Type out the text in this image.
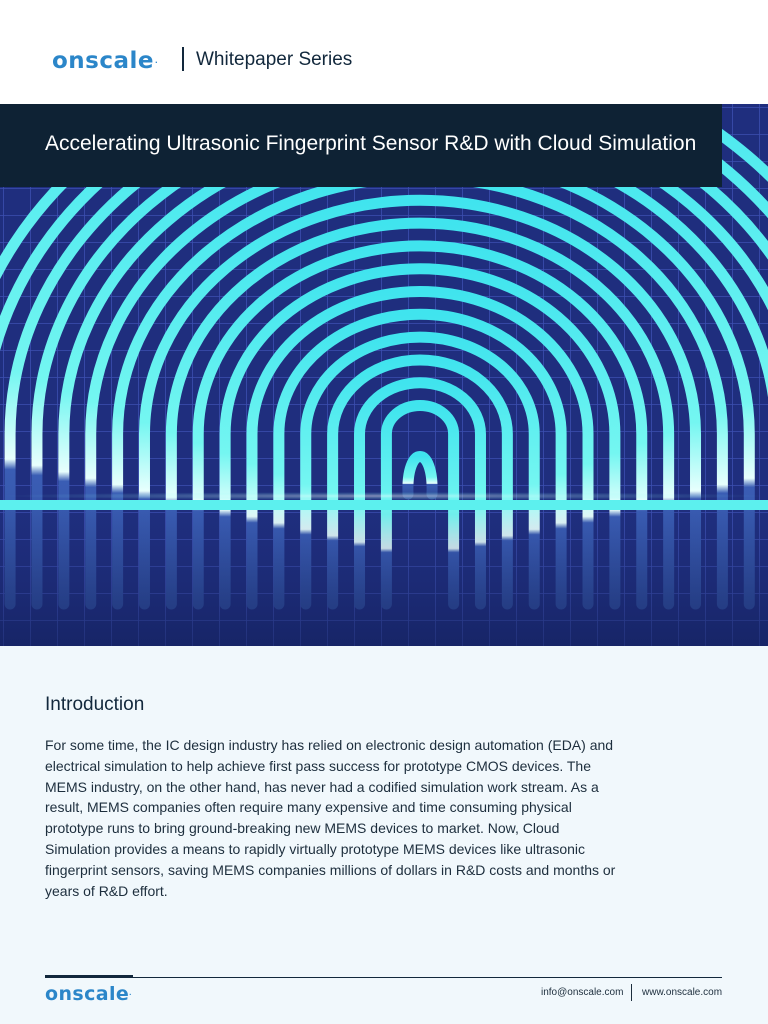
onscale. Whitepaper Series
Accelerating Ultrasonic Fingerprint Sensor R&D with Cloud Simulation
Introduction

For some time, the IC design industry has relied on electronic design automation (EDA) and electrical simulation to help achieve first pass success for prototype CMOS devices. The MEMS industry, on the other hand, has never had a codified simulation work stream. As a result, MEMS companies often require many expensive and time consuming physical prototype runs to bring ground-breaking new MEMS devices to market. Now, Cloud Simulation provides a means to rapidly virtually prototype MEMS devices like ultrasonic fingerprint sensors, saving MEMS companies millions of dollars in R&D costs and months or years of R&D effort.

onscale.	info@onscale.com www.onscale.com
